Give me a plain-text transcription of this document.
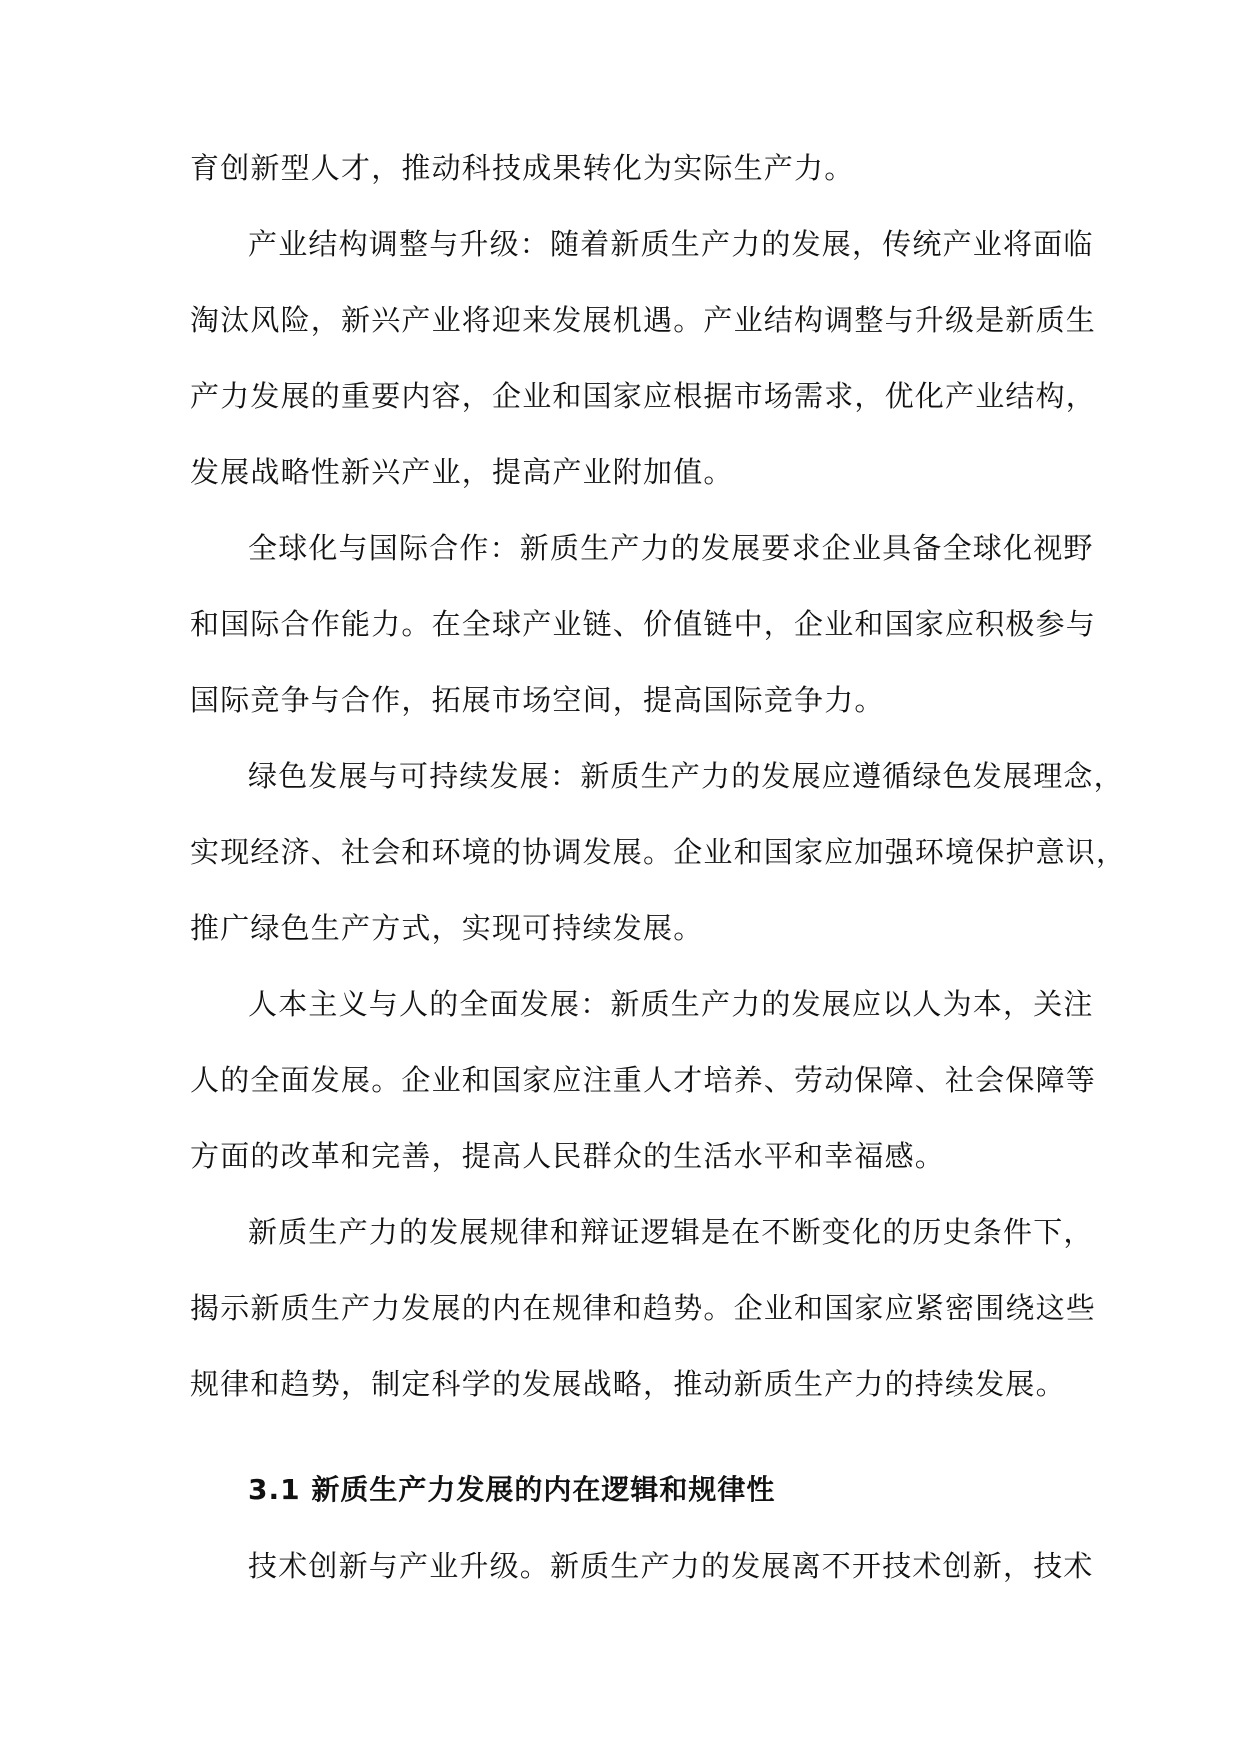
育创新型人才，推动科技成果转化为实际生产力。
产业结构调整与升级：随着新质生产力的发展，传统产业将面临
淘汰风险，新兴产业将迎来发展机遇。产业结构调整与升级是新质生
产力发展的重要内容，企业和国家应根据市场需求，优化产业结构，
发展战略性新兴产业，提高产业附加值。
全球化与国际合作：新质生产力的发展要求企业具备全球化视野
和国际合作能力。在全球产业链、价值链中，企业和国家应积极参与
国际竞争与合作，拓展市场空间，提高国际竞争力。
绿色发展与可持续发展：新质生产力的发展应遵循绿色发展理念，
实现经济、社会和环境的协调发展。企业和国家应加强环境保护意识，
推广绿色生产方式，实现可持续发展。
人本主义与人的全面发展：新质生产力的发展应以人为本，关注
人的全面发展。企业和国家应注重人才培养、劳动保障、社会保障等
方面的改革和完善，提高人民群众的生活水平和幸福感。
新质生产力的发展规律和辩证逻辑是在不断变化的历史条件下，
揭示新质生产力发展的内在规律和趋势。企业和国家应紧密围绕这些
规律和趋势，制定科学的发展战略，推动新质生产力的持续发展。
3.1 新质生产力发展的内在逻辑和规律性
技术创新与产业升级。新质生产力的发展离不开技术创新，技术
